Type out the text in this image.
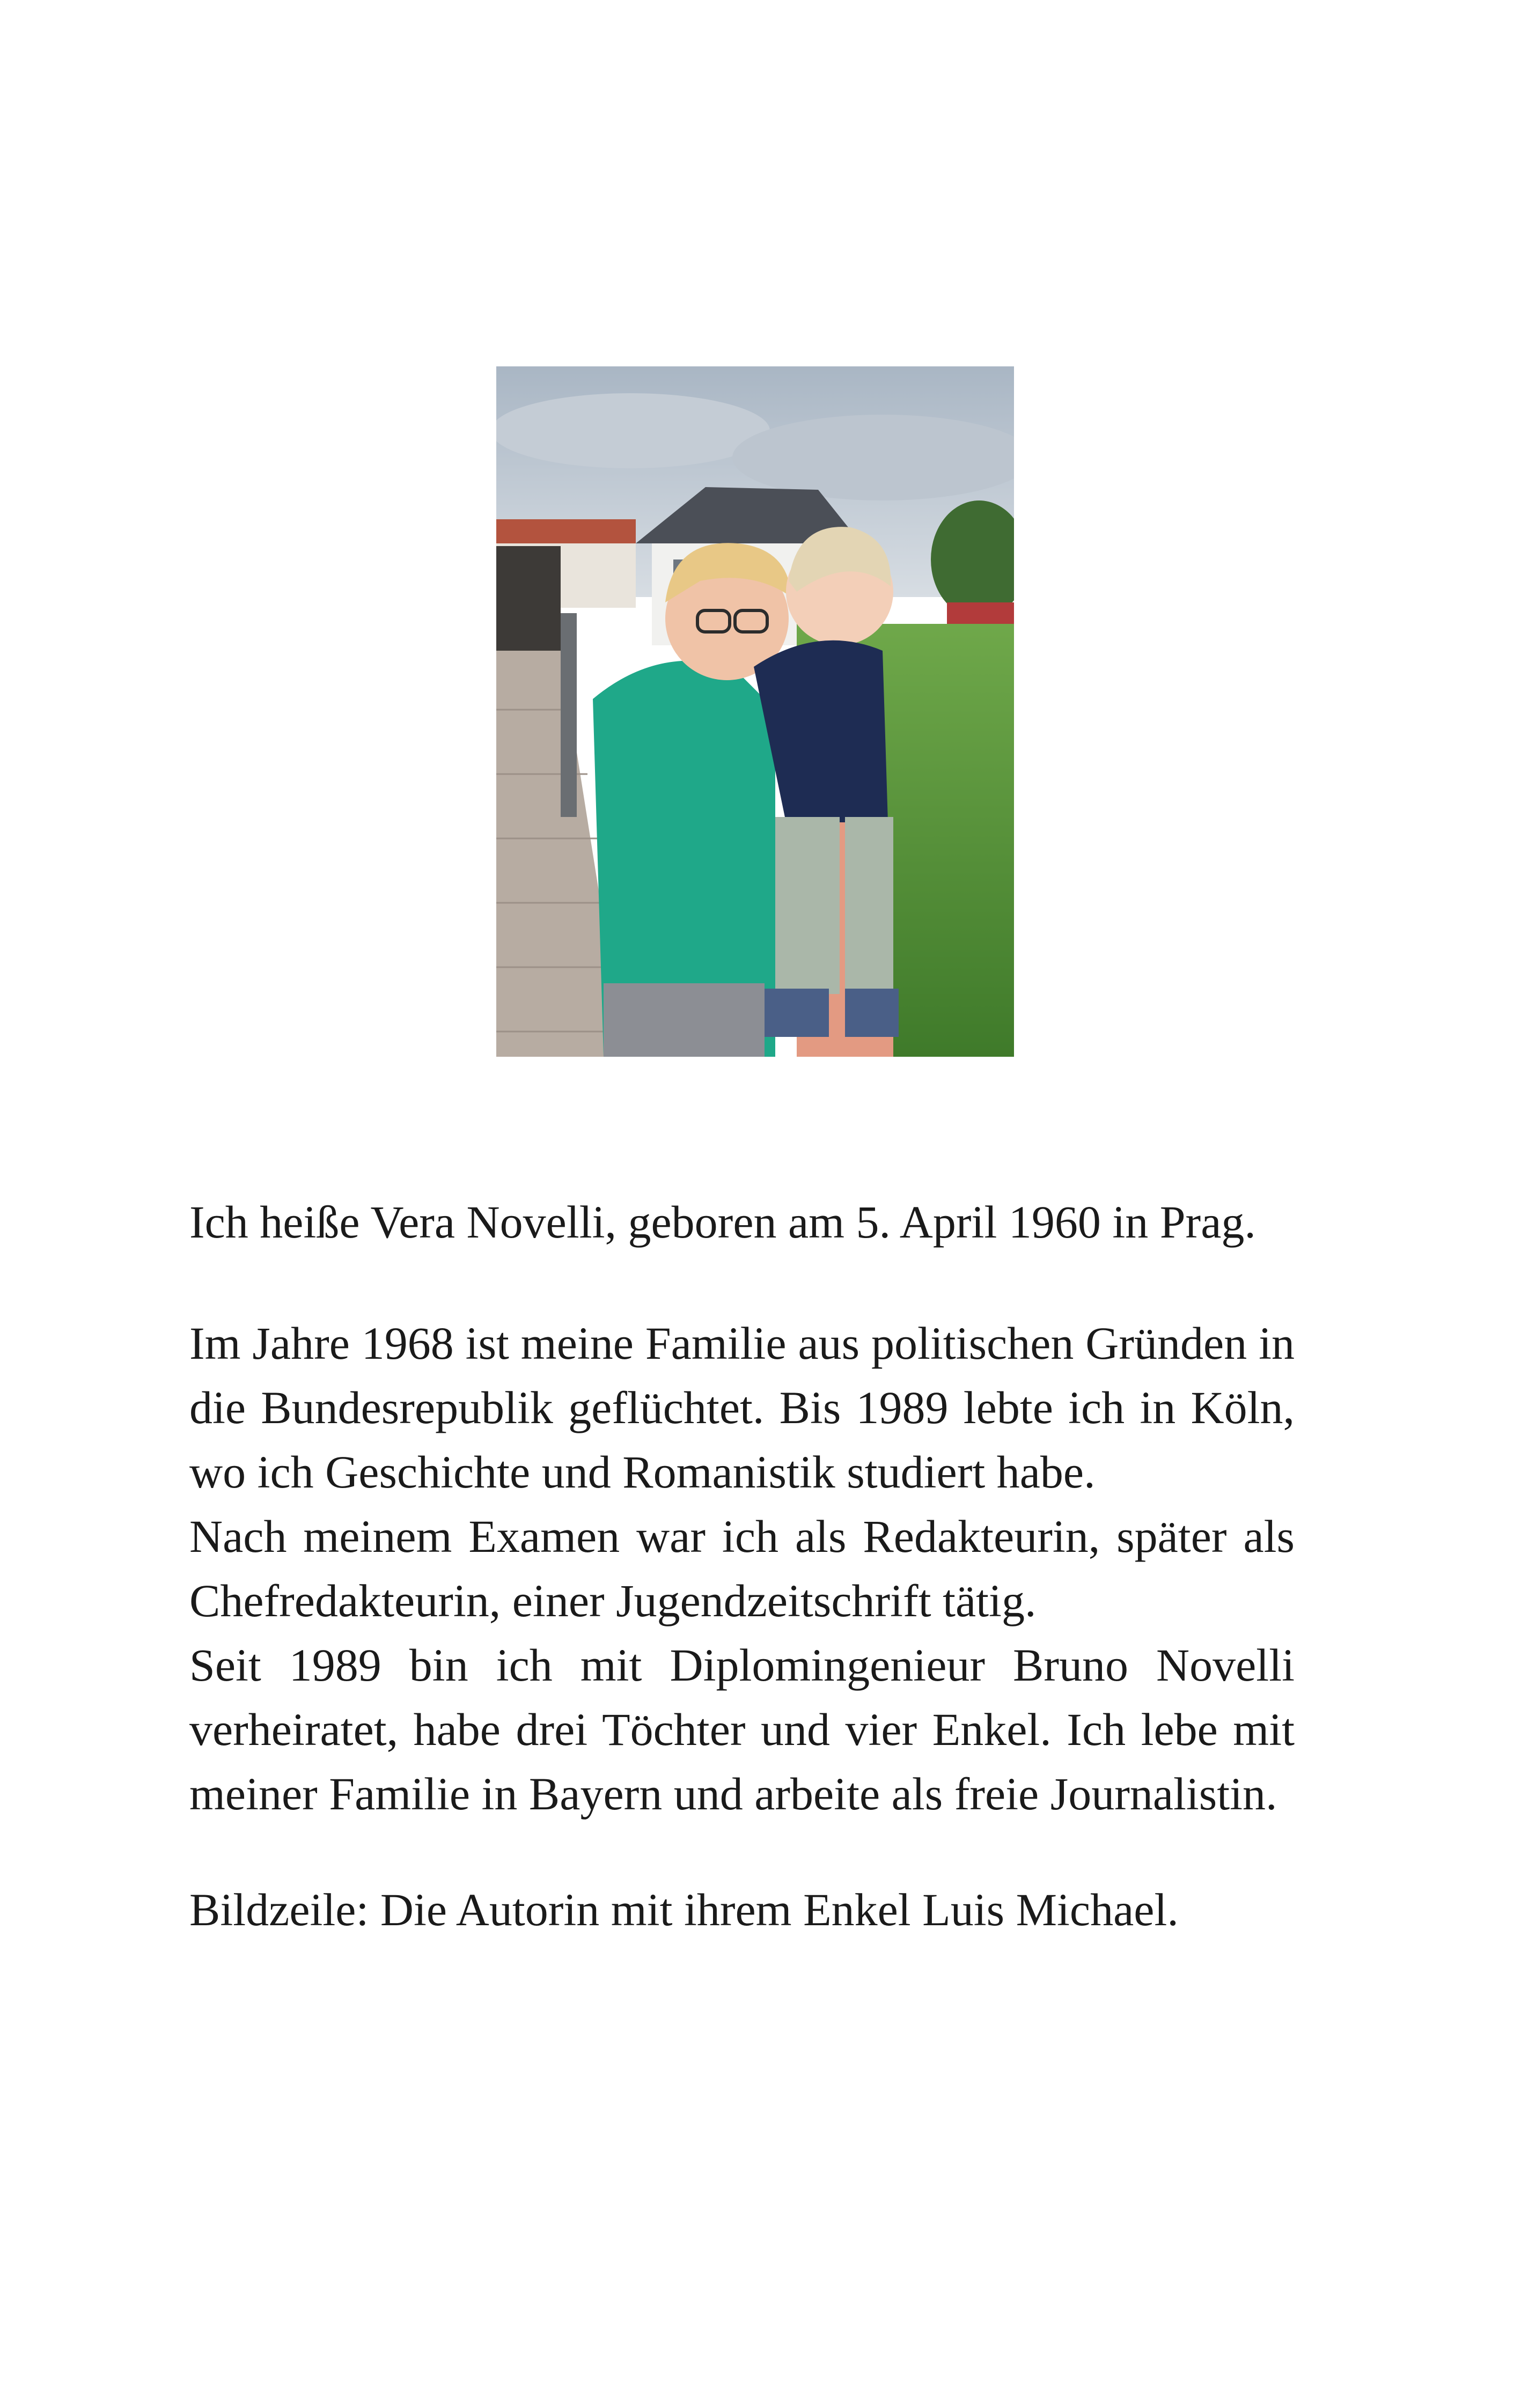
Ich heiße Vera Novelli, geboren am 5. April 1960 in Prag.

Im Jahre 1968 ist meine Familie aus politischen Gründen in die Bundesrepublik geflüchtet. Bis 1989 lebte ich in Köln, wo ich Geschichte und Romanistik studiert habe.

Nach meinem Examen war ich als Redakteurin, später als Chefredakteurin, einer Jugendzeitschrift tätig.

Seit 1989 bin ich mit Diplomingenieur Bruno Novelli verheiratet, habe drei Töchter und vier Enkel. Ich lebe mit meiner Familie in Bayern und arbeite als freie Journalistin.

Bildzeile: Die Autorin mit ihrem Enkel Luis Michael.
